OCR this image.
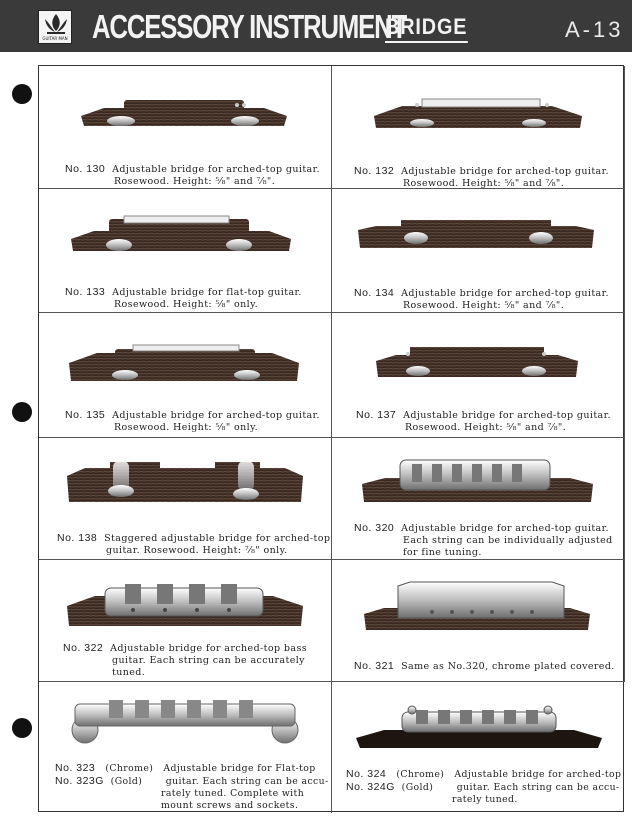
GUITAR MAN ACCESSORY INSTRUMENT
BRIDGE	A-13
No. 130 Adjustable bridge for arched-top guitar.
Rosewood. Height: ⁵⁄₈" and ⁷⁄₈".
No. 132 Adjustable bridge for arched-top guitar.
Rosewood. Height: ⁵⁄₈" and ⁷⁄₈".
No. 133 Adjustable bridge for flat-top guitar.
Rosewood. Height: ⁵⁄₈" only.
No. 134 Adjustable bridge for arched-top guitar.
Rosewood. Height: ⁵⁄₈" and ⁷⁄₈".
No. 135 Adjustable bridge for arched-top guitar.
Rosewood. Height: ⁵⁄₈" only.
No. 137 Adjustable bridge for arched-top guitar.
Rosewood. Height: ⁵⁄₈" and ⁷⁄₈".
No. 138 Staggered adjustable bridge for arched-top
guitar. Rosewood. Height: ⁷⁄₈" only.
No. 320 Adjustable bridge for arched-top guitar.
Each string can be individually adjusted
for fine tuning.
No. 322 Adjustable bridge for arched-top bass
guitar. Each string can be accurately
tuned.
No. 321 Same as No.320, chrome plated covered.
No. 323 (Chrome) Adjustable bridge for Flat-top
No. 323G (Gold)	guitar. Each string can be accu-
rately tuned. Complete with
mount screws and sockets.
No. 324 (Chrome) Adjustable bridge for arched-top
No. 324G (Gold)	guitar. Each string can be accu-
rately tuned.
